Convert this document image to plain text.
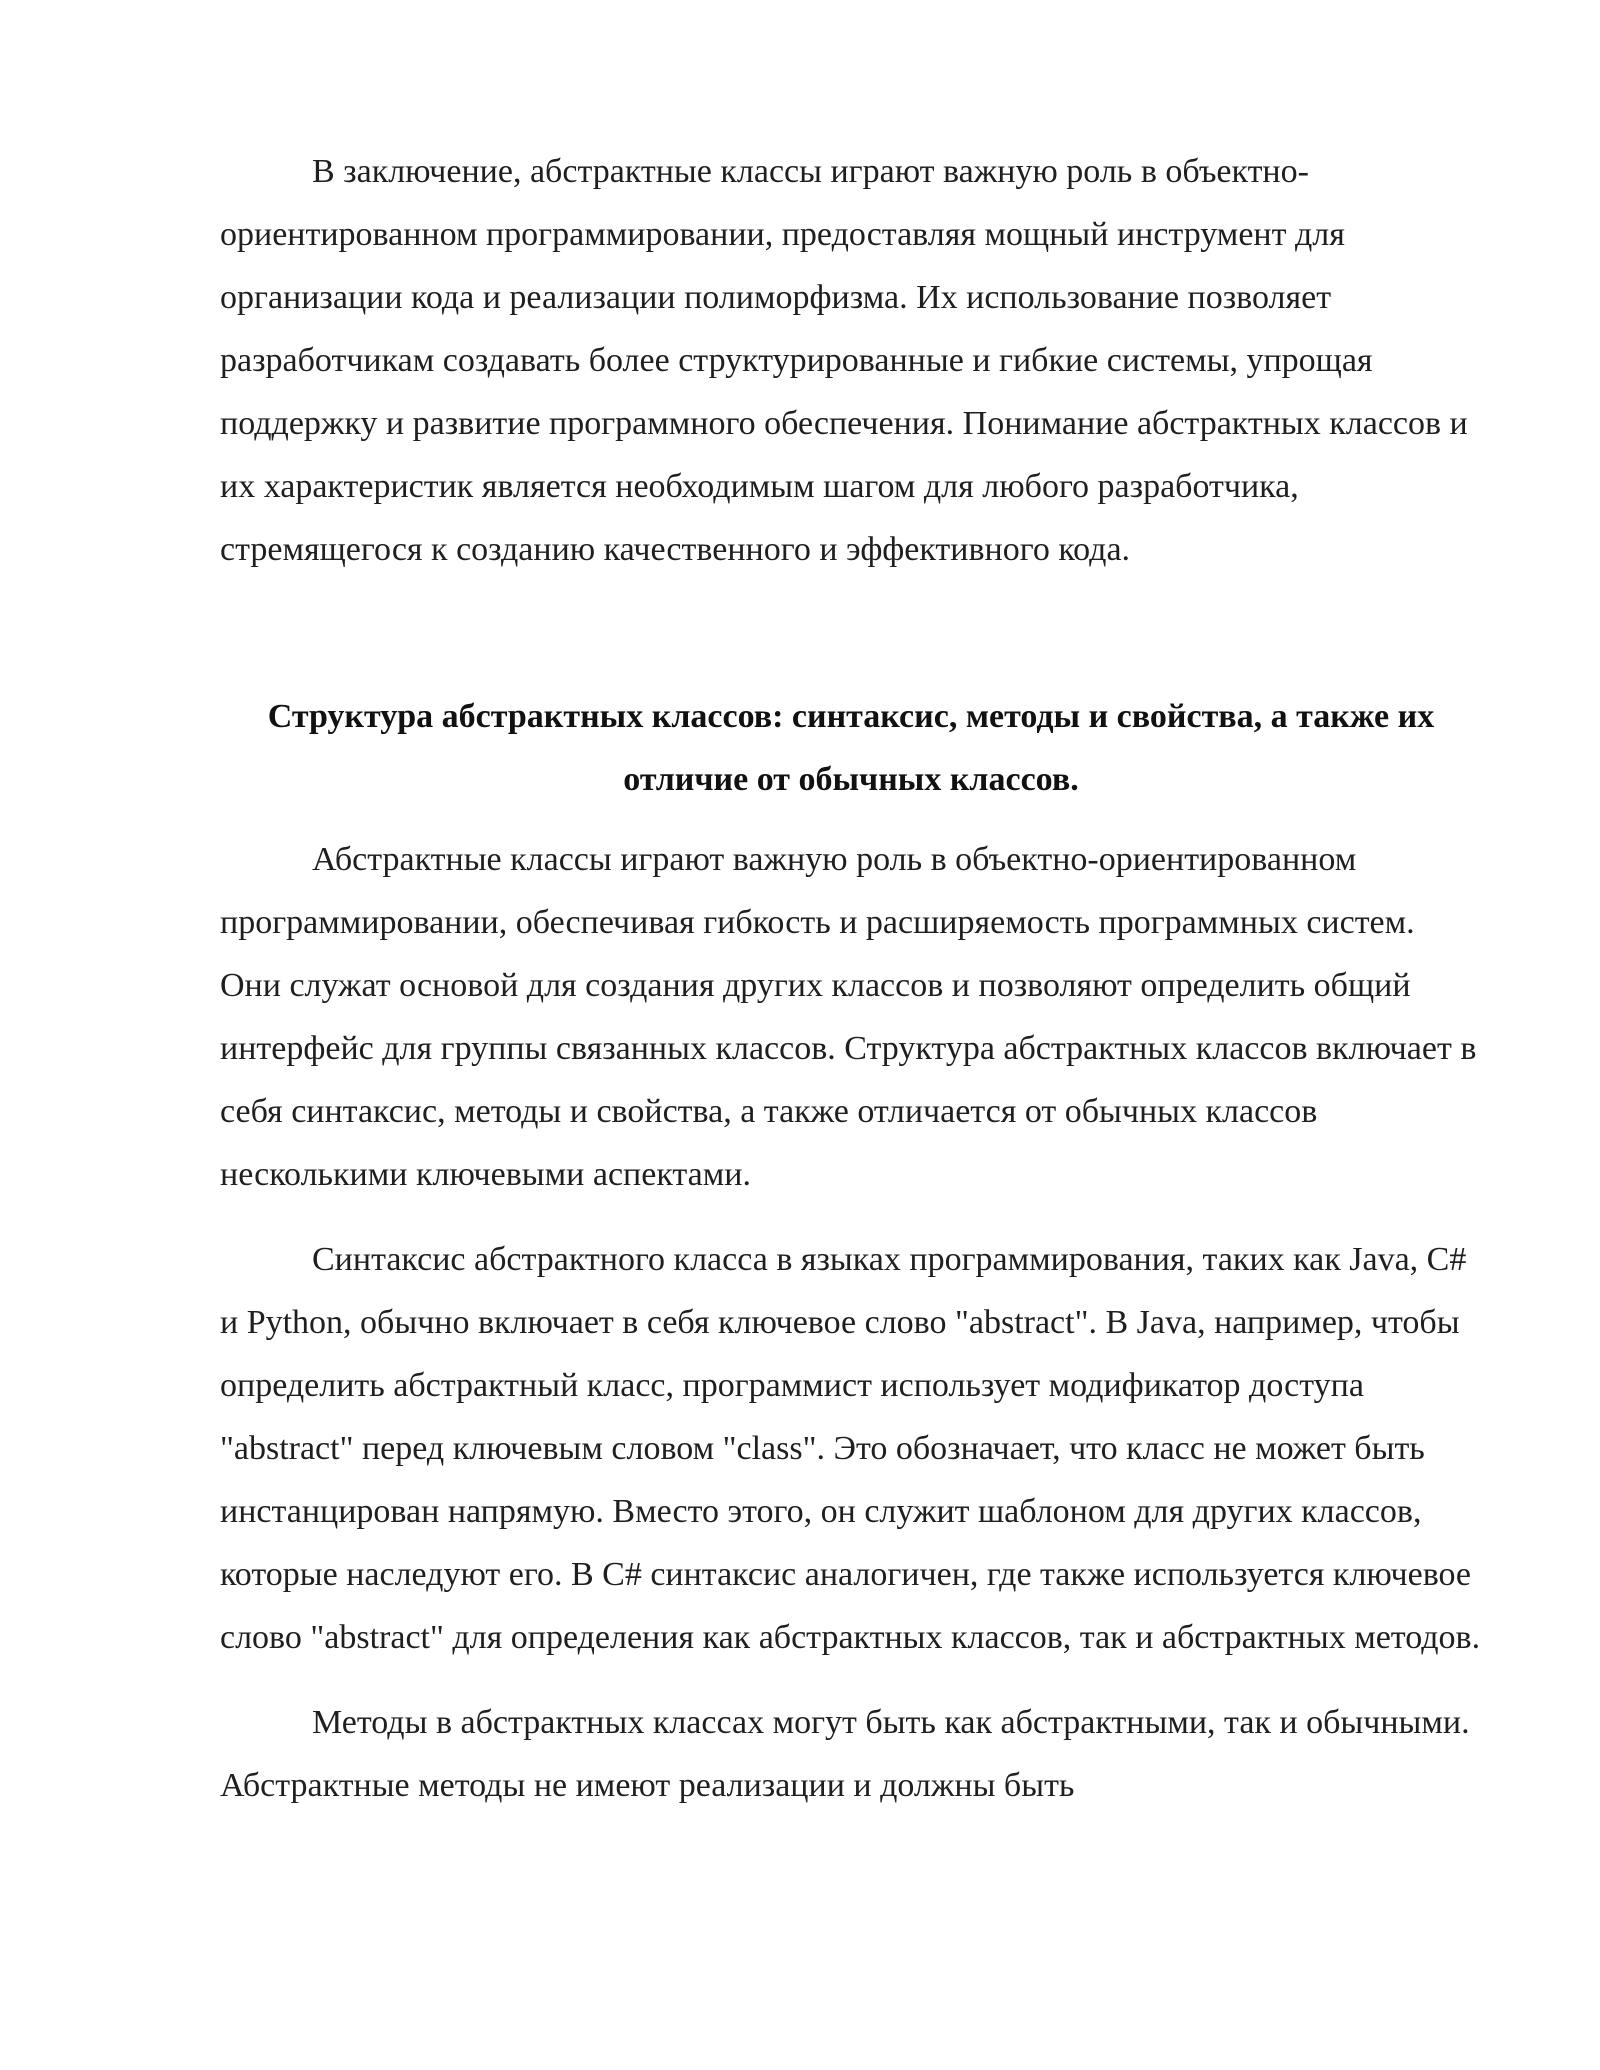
В заключение, абстрактные классы играют важную роль в объектно-ориентированном программировании, предоставляя мощный инструмент для организации кода и реализации полиморфизма. Их использование позволяет разработчикам создавать более структурированные и гибкие системы, упрощая поддержку и развитие программного обеспечения. Понимание абстрактных классов и их характеристик является необходимым шагом для любого разработчика, стремящегося к созданию качественного и эффективного кода.

Структура абстрактных классов: синтаксис, методы и свойства, а также их отличие от обычных классов.

Абстрактные классы играют важную роль в объектно-ориентированном программировании, обеспечивая гибкость и расширяемость программных систем. Они служат основой для создания других классов и позволяют определить общий интерфейс для группы связанных классов. Структура абстрактных классов включает в себя синтаксис, методы и свойства, а также отличается от обычных классов несколькими ключевыми аспектами.

Синтаксис абстрактного класса в языках программирования, таких как Java, C# и Python, обычно включает в себя ключевое слово "abstract". В Java, например, чтобы определить абстрактный класс, программист использует модификатор доступа "abstract" перед ключевым словом "class". Это обозначает, что класс не может быть инстанцирован напрямую. Вместо этого, он служит шаблоном для других классов, которые наследуют его. В C# синтаксис аналогичен, где также используется ключевое слово "abstract" для определения как абстрактных классов, так и абстрактных методов.

Методы в абстрактных классах могут быть как абстрактными, так и обычными. Абстрактные методы не имеют реализации и должны быть
